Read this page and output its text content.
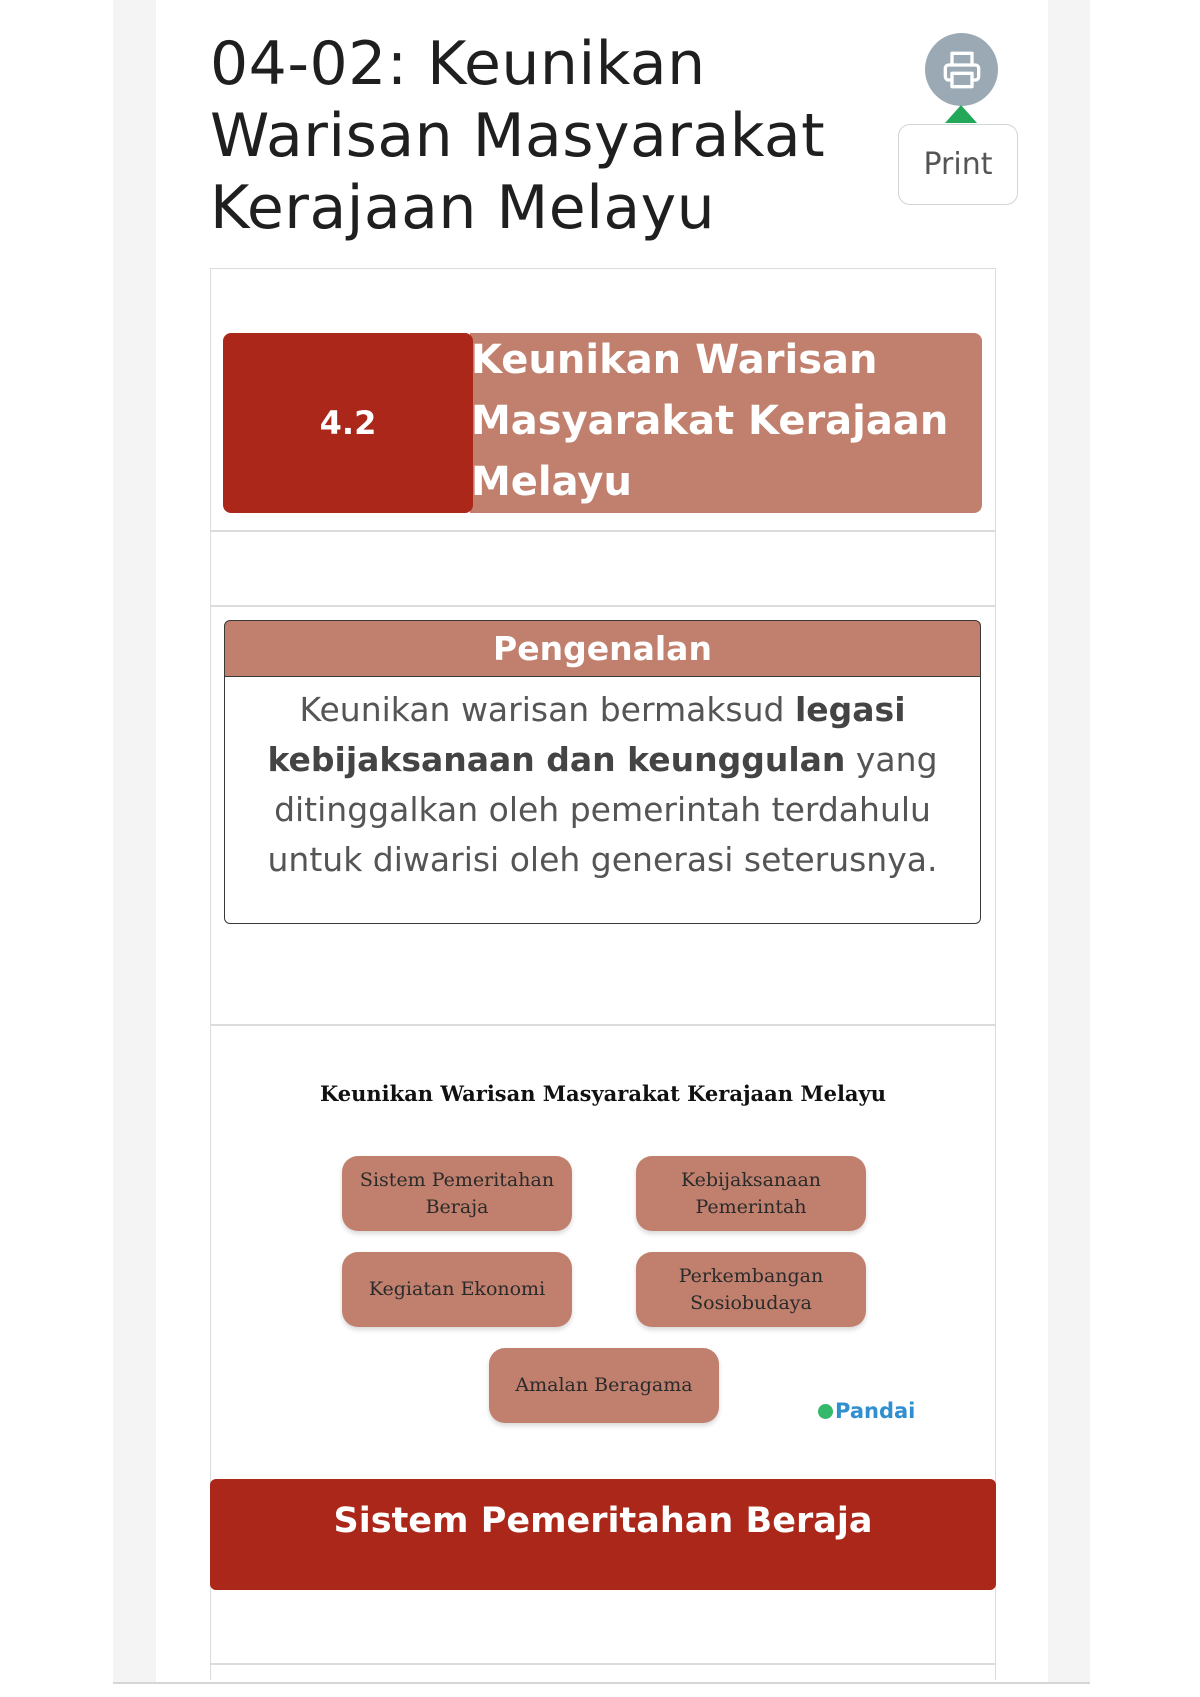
04-02: Keunikan Warisan Masyarakat Kerajaan Melayu
Print
4.2
Keunikan Warisan Masyarakat Kerajaan Melayu
Pengenalan

Keunikan warisan bermaksud legasi kebijaksanaan dan keunggulan yang ditinggalkan oleh pemerintah terdahulu untuk diwarisi oleh generasi seterusnya.

Keunikan Warisan Masyarakat Kerajaan Melayu
Sistem Pemeritahan Beraja
Kebijaksanaan Pemerintah
Kegiatan Ekonomi
Perkembangan Sosiobudaya
Amalan Beragama
Pandai
Sistem Pemeritahan Beraja
